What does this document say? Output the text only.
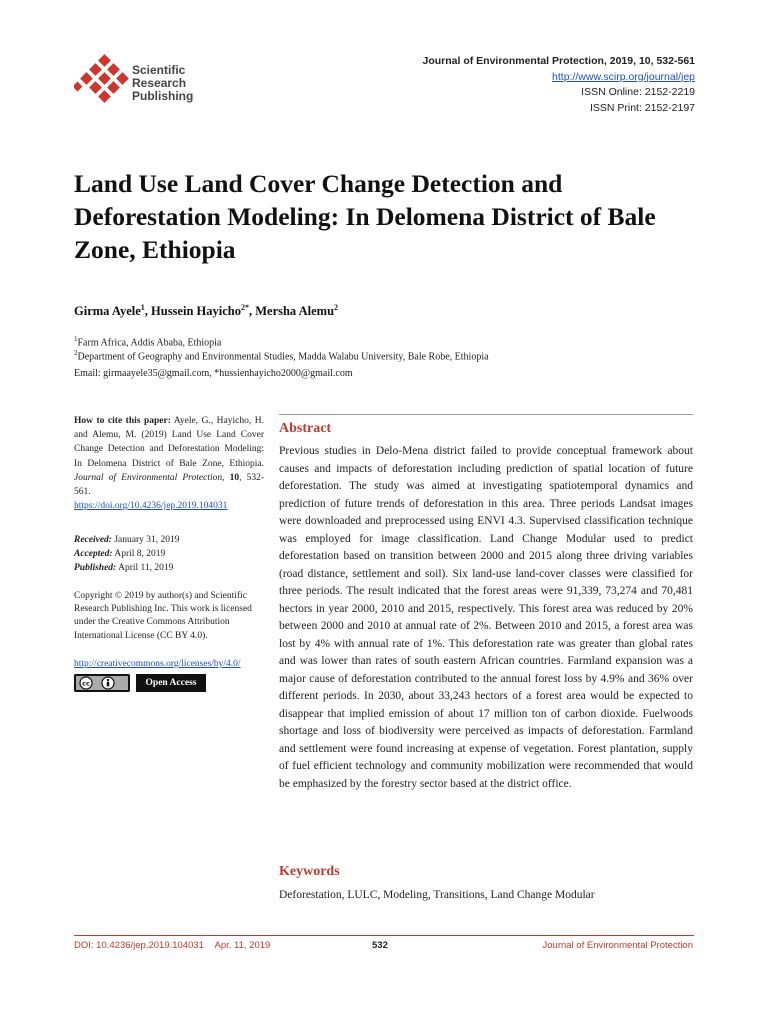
Scientific
Research
Publishing
Journal of Environmental Protection, 2019, 10, 532-561
http://www.scirp.org/journal/jep
ISSN Online: 2152-2219
ISSN Print: 2152-2197
Land Use Land Cover Change Detection and Deforestation Modeling: In Delomena District of Bale Zone, Ethiopia
Girma Ayele$^1$, Hussein Hayicho$^{2*}$, Mersha Alemu$^2$
$^1$Farm Africa, Addis Ababa, Ethiopia
$^2$Department of Geography and Environmental Studies, Madda Walabu University, Bale Robe, Ethiopia
Email: girmaayele35@gmail.com, *hussienhayicho2000@gmail.com
How to cite this paper: Ayele, G., Hayicho, H. and Alemu, M. (2019) Land Use Land Cover Change Detection and Deforestation Modeling: In Delomena District of Bale Zone, Ethiopia. Journal of Environmental Protection, 10, 532-561.
https://doi.org/10.4236/jep.2019.104031
Received: January 31, 2019
Accepted: April 8, 2019
Published: April 11, 2019
Copyright © 2019 by author(s) and Scientific Research Publishing Inc. This work is licensed under the Creative Commons Attribution International License (CC BY 4.0).
http://creativecommons.org/licenses/by/4.0/
cc	Open Access
Abstract
Previous studies in Delo-Mena district failed to provide conceptual framework about causes and impacts of deforestation including prediction of spatial location of future deforestation. The study was aimed at investigating spatiotemporal dynamics and prediction of future trends of deforestation in this area. Three periods Landsat images were downloaded and preprocessed using ENVI 4.3. Supervised classification technique was employed for image classification. Land Change Modular used to predict deforestation based on transition between 2000 and 2015 along three driving variables (road distance, settlement and soil). Six land-use land-cover classes were classified for three periods. The result indicated that the forest areas were 91,339, 73,274 and 70,481 hectors in year 2000, 2010 and 2015, respectively. This forest area was reduced by 20% between 2000 and 2010 at annual rate of 2%. Between 2010 and 2015, a forest area was lost by 4% with annual rate of 1%. This deforestation rate was greater than global rates and was lower than rates of south eastern African countries. Farmland expansion was a major cause of deforestation contributed to the annual forest loss by 4.9% and 36% over different periods. In 2030, about 33,243 hectors of a forest area would be expected to disappear that implied emission of about 17 million ton of carbon dioxide. Fuelwoods shortage and loss of biodiversity were perceived as impacts of deforestation. Farmland and settlement were found increasing at expense of vegetation. Forest plantation, supply of fuel efficient technology and community mobilization were recommended that would be emphasized by the forestry sector based at the district office.
Keywords
Deforestation, LULC, Modeling, Transitions, Land Change Modular
DOI: 10.4236/jep.2019.104031 Apr. 11, 2019	532	Journal of Environmental Protection
